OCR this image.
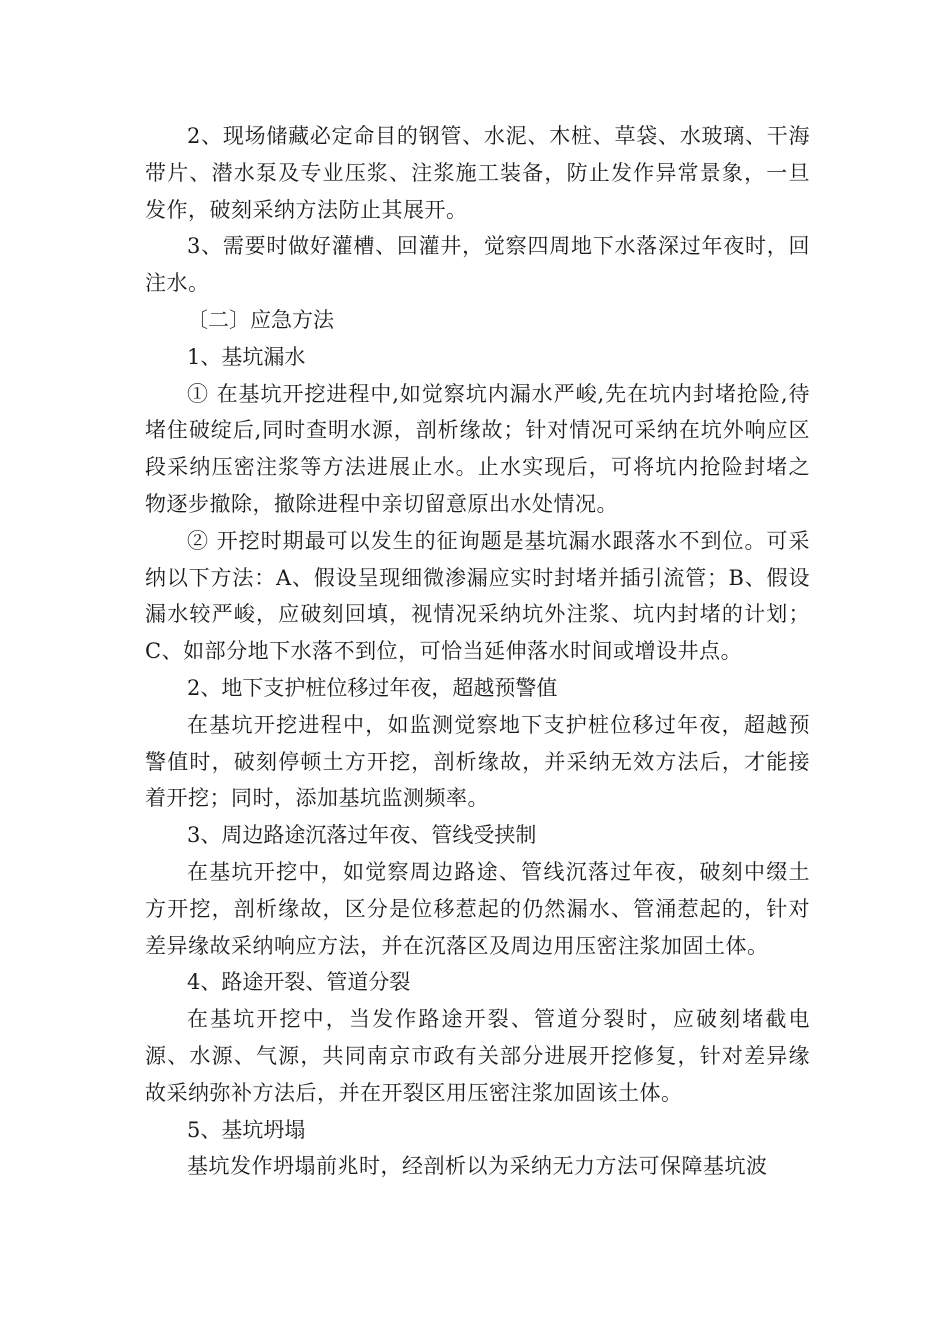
2、现场储藏必定命目的钢管、水泥、木桩、草袋、水玻璃、干海带片、潜水泵及专业压浆、注浆施工装备，防止发作异常景象，一旦发作，破刻采纳方法防止其展开。

3、需要时做好灌槽、回灌井，觉察四周地下水落深过年夜时，回注水。

〔二〕应急方法

1、基坑漏水

① 在基坑开挖进程中,如觉察坑内漏水严峻,先在坑内封堵抢险,待堵住破绽后,同时查明水源，剖析缘故；针对情况可采纳在坑外响应区段采纳压密注浆等方法进展止水。止水实现后，可将坑内抢险封堵之物逐步撤除，撤除进程中亲切留意原出水处情况。

② 开挖时期最可以发生的征询题是基坑漏水跟落水不到位。可采纳以下方法：A、假设呈现细微渗漏应实时封堵并插引流管；B、假设漏水较严峻，应破刻回填，视情况采纳坑外注浆、坑内封堵的计划；C、如部分地下水落不到位，可恰当延伸落水时间或增设井点。

2、地下支护桩位移过年夜，超越预警值

在基坑开挖进程中，如监测觉察地下支护桩位移过年夜，超越预警值时，破刻停顿土方开挖，剖析缘故，并采纳无效方法后，才能接着开挖；同时，添加基坑监测频率。

3、周边路途沉落过年夜、管线受挟制

在基坑开挖中，如觉察周边路途、管线沉落过年夜，破刻中缀土方开挖，剖析缘故，区分是位移惹起的仍然漏水、管涌惹起的，针对差异缘故采纳响应方法，并在沉落区及周边用压密注浆加固土体。

4、路途开裂、管道分裂

在基坑开挖中，当发作路途开裂、管道分裂时，应破刻堵截电源、水源、气源，共同南京市政有关部分进展开挖修复，针对差异缘故采纳弥补方法后，并在开裂区用压密注浆加固该土体。

5、基坑坍塌

基坑发作坍塌前兆时，经剖析以为采纳无力方法可保障基坑波
